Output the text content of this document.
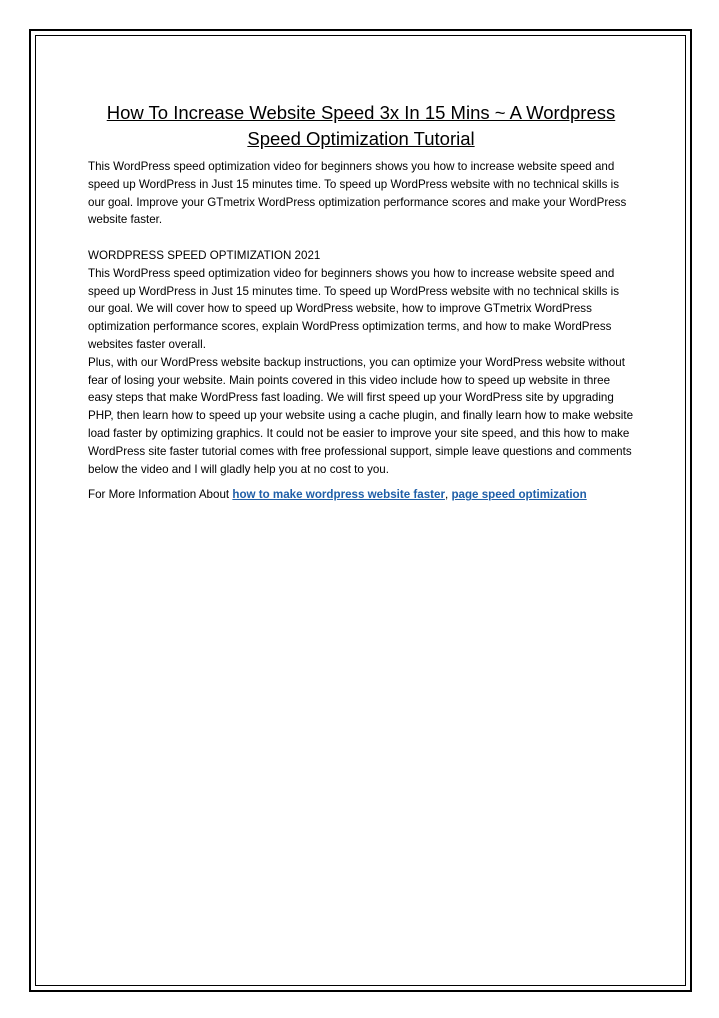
How To Increase Website Speed 3x In 15 Mins ~ A Wordpress Speed Optimization Tutorial

This WordPress speed optimization video for beginners shows you how to increase website speed and speed up WordPress in Just 15 minutes time. To speed up WordPress website with no technical skills is our goal. Improve your GTmetrix WordPress optimization performance scores and make your WordPress website faster.

WORDPRESS SPEED OPTIMIZATION 2021

This WordPress speed optimization video for beginners shows you how to increase website speed and speed up WordPress in Just 15 minutes time. To speed up WordPress website with no technical skills is our goal. We will cover how to speed up WordPress website, how to improve GTmetrix WordPress optimization performance scores, explain WordPress optimization terms, and how to make WordPress websites faster overall.

Plus, with our WordPress website backup instructions, you can optimize your WordPress website without fear of losing your website. Main points covered in this video include how to speed up website in three easy steps that make WordPress fast loading. We will first speed up your WordPress site by upgrading PHP, then learn how to speed up your website using a cache plugin, and finally learn how to make website load faster by optimizing graphics. It could not be easier to improve your site speed, and this how to make WordPress site faster tutorial comes with free professional support, simple leave questions and comments below the video and I will gladly help you at no cost to you.

For More Information About how to make wordpress website faster, page speed optimization
